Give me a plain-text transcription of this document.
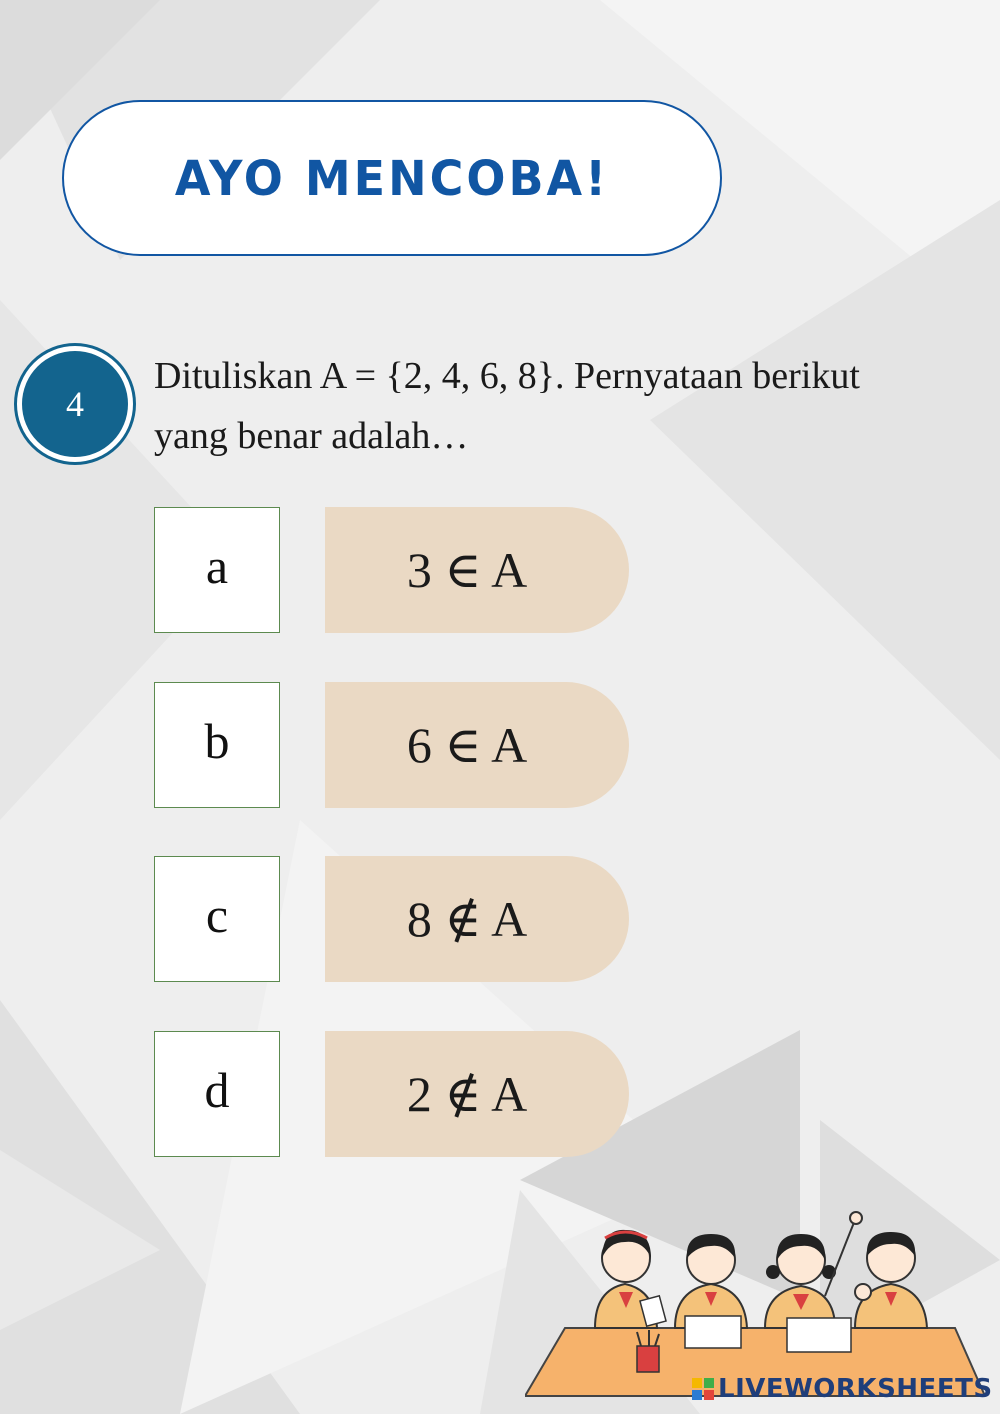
AYO MENCOBA!
4
Dituliskan A = {2, 4, 6, 8}. Pernyataan berikut
yang benar adalah…
a	3 ∈ A
b	6 ∈ A
c	8 ∉ A
d	2 ∉ A
LIVEWORKSHEETS
